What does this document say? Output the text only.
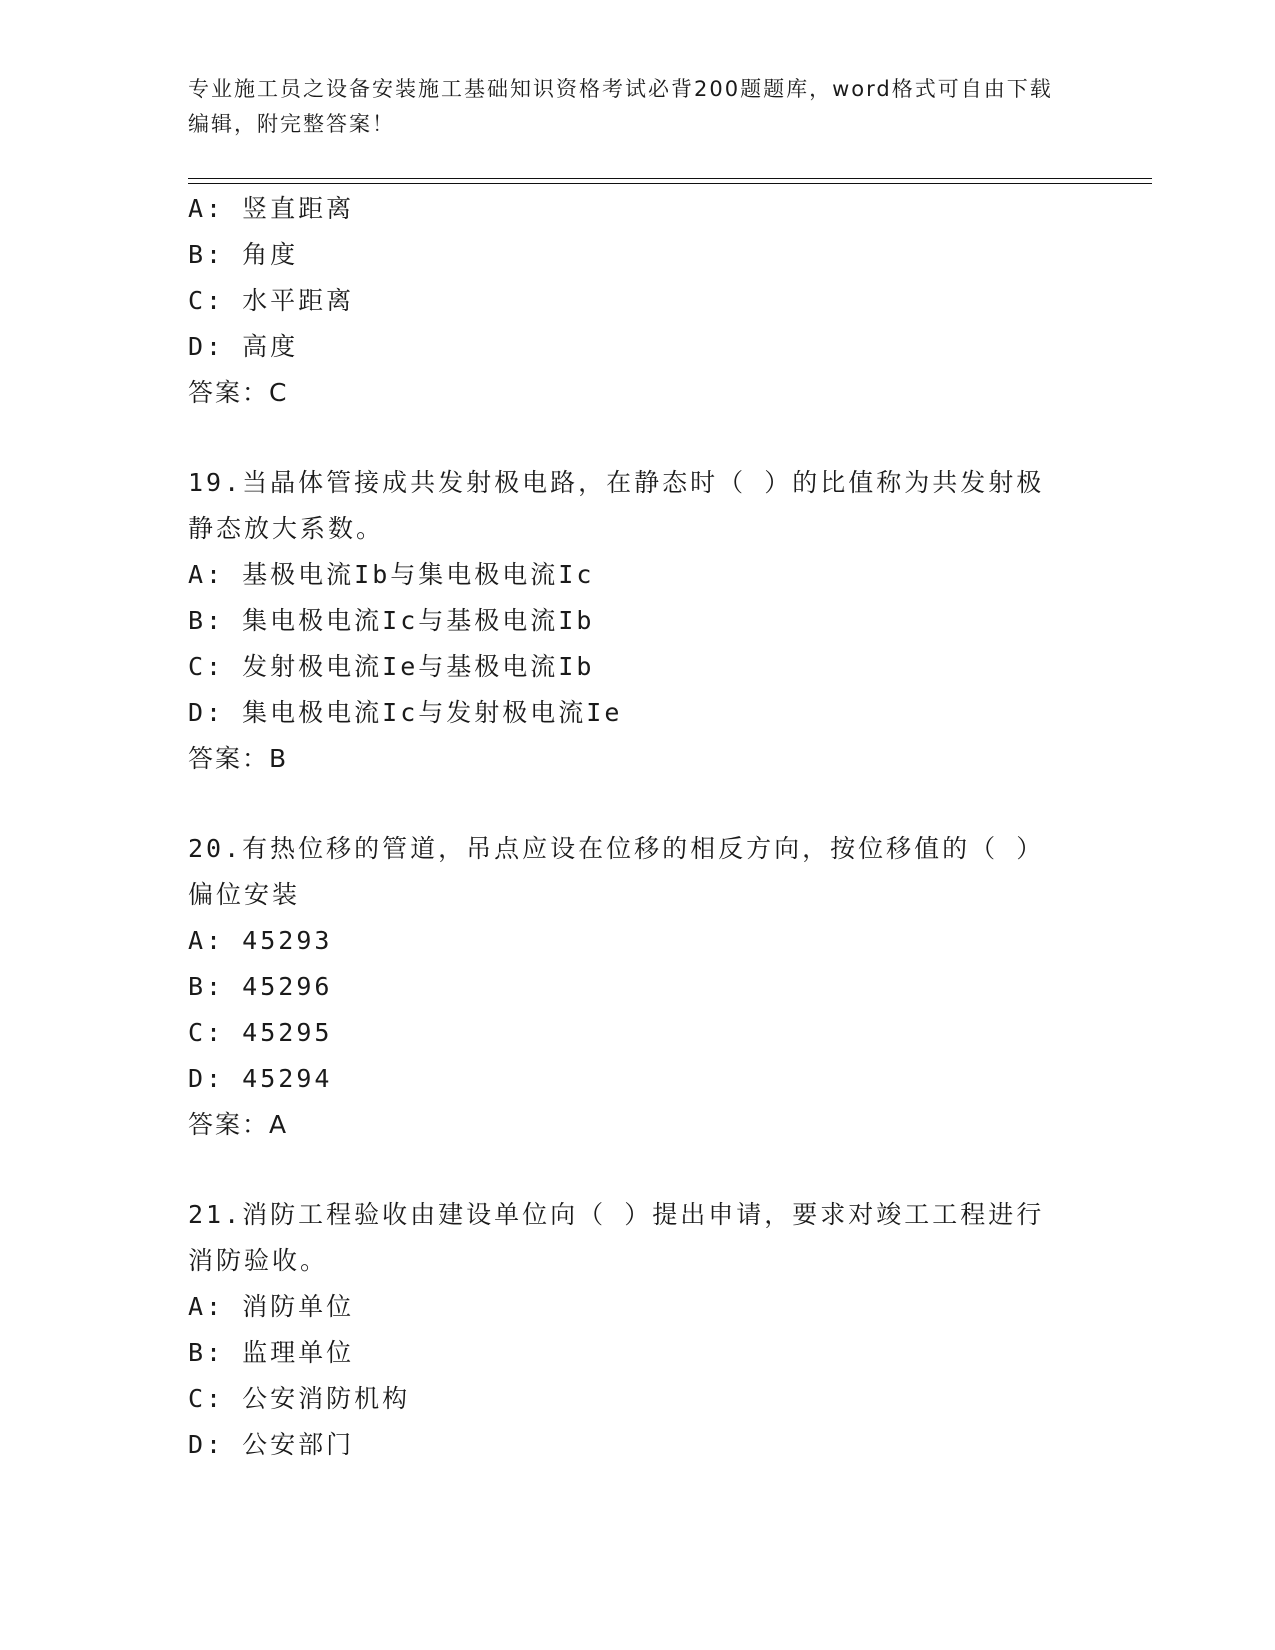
专业施工员之设备安装施工基础知识资格考试必背200题题库，word格式可自由下载编辑，附完整答案！
A: 竖直距离
B: 角度
C: 水平距离
D: 高度
答案：C
19.当晶体管接成共发射极电路，在静态时（ ）的比值称为共发射极静态放大系数。
A: 基极电流Ib与集电极电流Ic
B: 集电极电流Ic与基极电流Ib
C: 发射极电流Ie与基极电流Ib
D: 集电极电流Ic与发射极电流Ie
答案：B
20.有热位移的管道，吊点应设在位移的相反方向，按位移值的（ ）偏位安装
A: 45293
B: 45296
C: 45295
D: 45294
答案：A
21.消防工程验收由建设单位向（ ）提出申请，要求对竣工工程进行消防验收。
A: 消防单位
B: 监理单位
C: 公安消防机构
D: 公安部门
